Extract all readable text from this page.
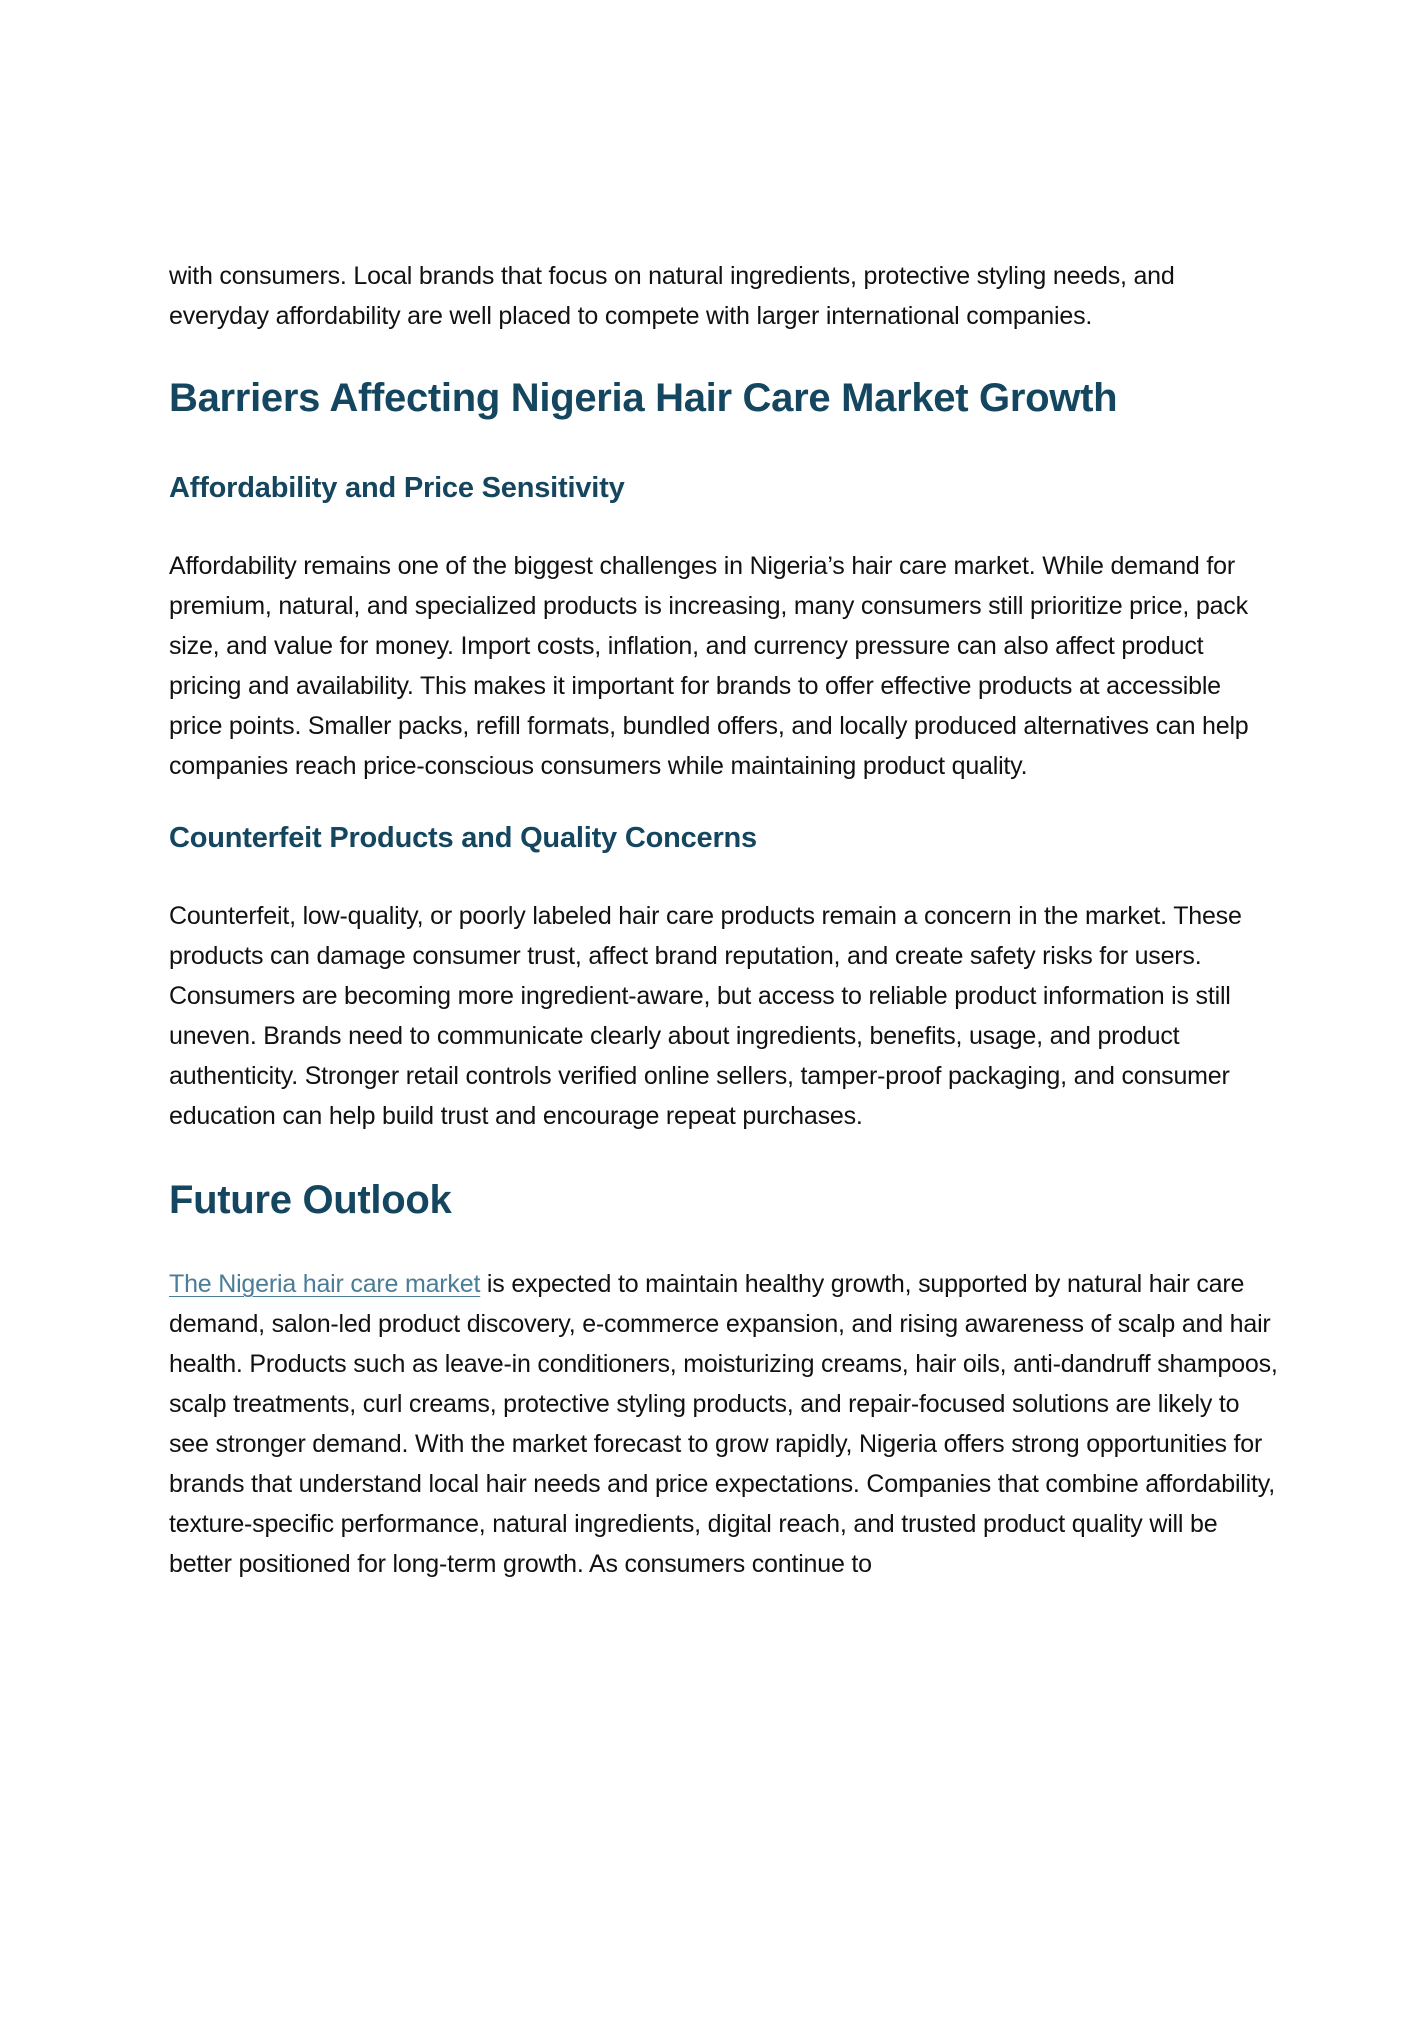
with consumers. Local brands that focus on natural ingredients, protective styling needs, and everyday affordability are well placed to compete with larger international companies.

Barriers Affecting Nigeria Hair Care Market Growth
Affordability and Price Sensitivity

Affordability remains one of the biggest challenges in Nigeria’s hair care market. While demand for premium, natural, and specialized products is increasing, many consumers still prioritize price, pack size, and value for money. Import costs, inflation, and currency pressure can also affect product pricing and availability. This makes it important for brands to offer effective products at accessible price points. Smaller packs, refill formats, bundled offers, and locally produced alternatives can help companies reach price-conscious consumers while maintaining product quality.

Counterfeit Products and Quality Concerns

Counterfeit, low-quality, or poorly labeled hair care products remain a concern in the market. These products can damage consumer trust, affect brand reputation, and create safety risks for users. Consumers are becoming more ingredient-aware, but access to reliable product information is still uneven. Brands need to communicate clearly about ingredients, benefits, usage, and product authenticity. Stronger retail controls verified online sellers, tamper-proof packaging, and consumer education can help build trust and encourage repeat purchases.

Future Outlook

The Nigeria hair care market is expected to maintain healthy growth, supported by natural hair care demand, salon-led product discovery, e-commerce expansion, and rising awareness of scalp and hair health. Products such as leave-in conditioners, moisturizing creams, hair oils, anti-dandruff shampoos, scalp treatments, curl creams, protective styling products, and repair-focused solutions are likely to see stronger demand. With the market forecast to grow rapidly, Nigeria offers strong opportunities for brands that understand local hair needs and price expectations. Companies that combine affordability, texture-specific performance, natural ingredients, digital reach, and trusted product quality will be better positioned for long-term growth. As consumers continue to
